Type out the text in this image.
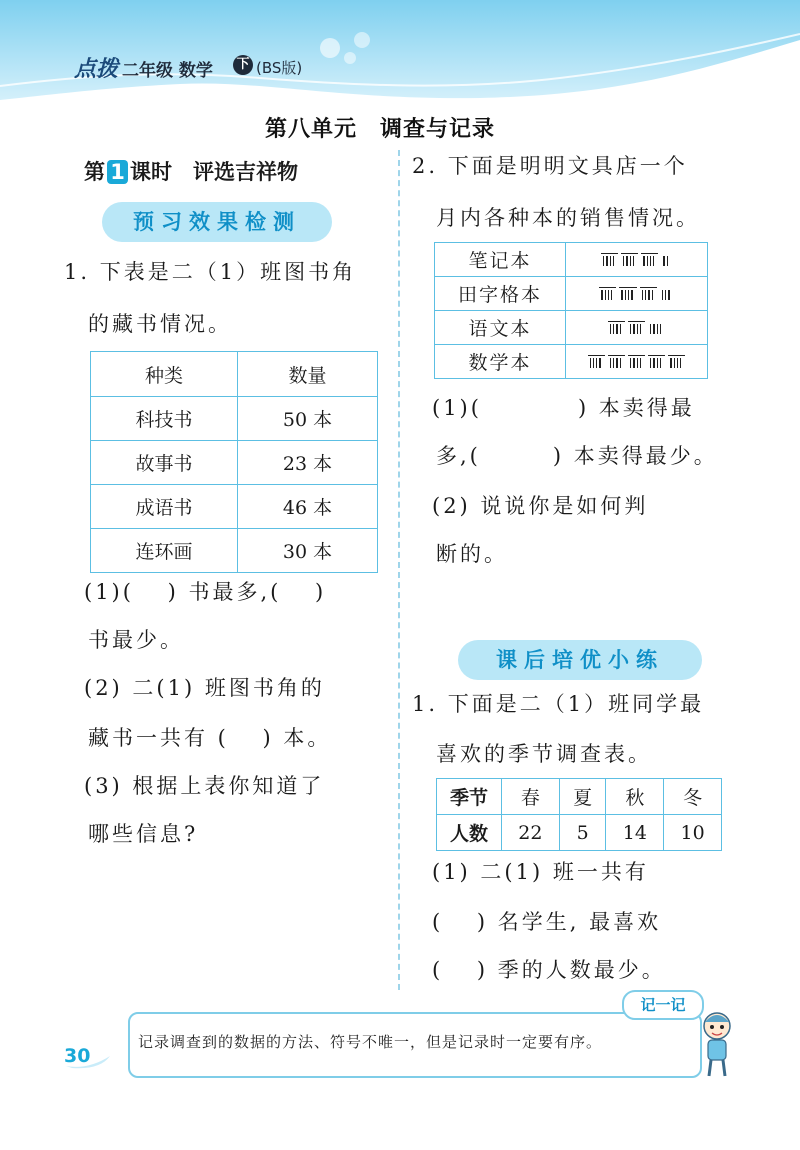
点拨 二年级 数学 下 (BS版)
第八单元　调查与记录
第 1 课时　评选吉祥物
预习效果检测
1. 下表是二（1）班图书角
的藏书情况。
种类	数量
科技书	50 本
故事书	23 本
成语书	46 本
连环画	30 本
(1)(　 ) 书最多,(　 )
书最少。
(2) 二(1) 班图书角的
藏书一共有 (　 ) 本。
(3) 根据上表你知道了
哪些信息?
2. 下面是明明文具店一个
月内各种本的销售情况。
笔记本	

田字格本	

语文本	

数学本	
(1)(　　　　) 本卖得最
多,(　　　) 本卖得最少。
(2) 说说你是如何判
断的。
课后培优小练
1. 下面是二（1）班同学最
喜欢的季节调查表。
季节	春	夏	秋	冬
人数	22	5	14	10
(1) 二(1) 班一共有
(　 ) 名学生, 最喜欢
(　 ) 季的人数最少。
记一记
记录调查到的数据的方法、符号不唯一，但是记录时一定要有序。
30
